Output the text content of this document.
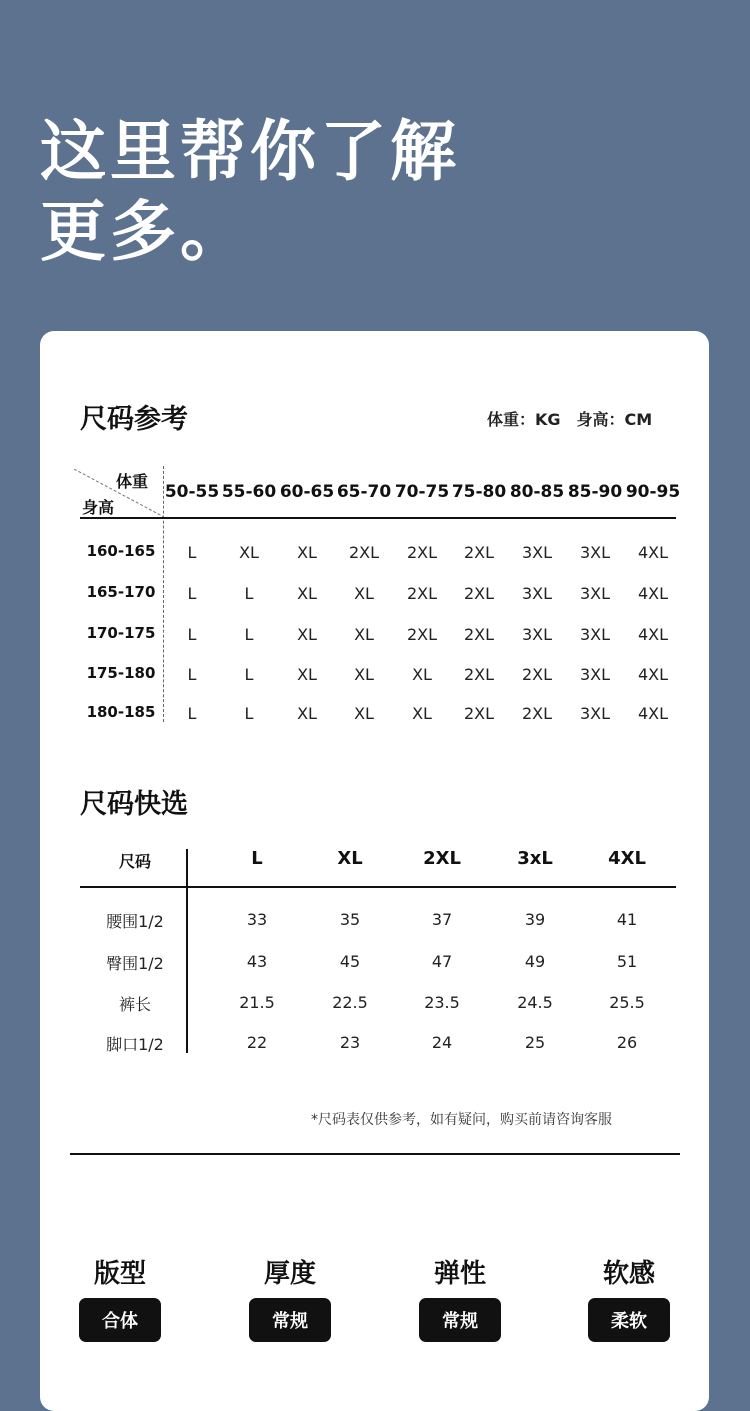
这里帮你了解
更多。
尺码参考	体重：KG　身高：CM
体重
身高
50-55 55-60 60-65 65-70 70-75 75-80 80-85 85-90 90-95
160-165	L	XL	XL	2XL	2XL	2XL	3XL	3XL	4XL
165-170	L	L	XL	XL	2XL	2XL	3XL	3XL	4XL
170-175	L	L	XL	XL	2XL	2XL	3XL	3XL	4XL
175-180	L	L	XL	XL	XL	2XL	2XL	3XL	4XL
180-185	L	L	XL	XL	XL	2XL	2XL	3XL	4XL
尺码快选
尺码	L	XL	2XL	3xL	4XL
腰围1/2	33	35	37	39	41
臀围1/2	43	45	47	49	51
裤长	21.5	22.5	23.5	24.5	25.5
脚口1/2	22	23	24	25	26
*尺码表仅供参考，如有疑问，购买前请咨询客服
版型
合体
厚度
常规
弹性
常规
软感
柔软
